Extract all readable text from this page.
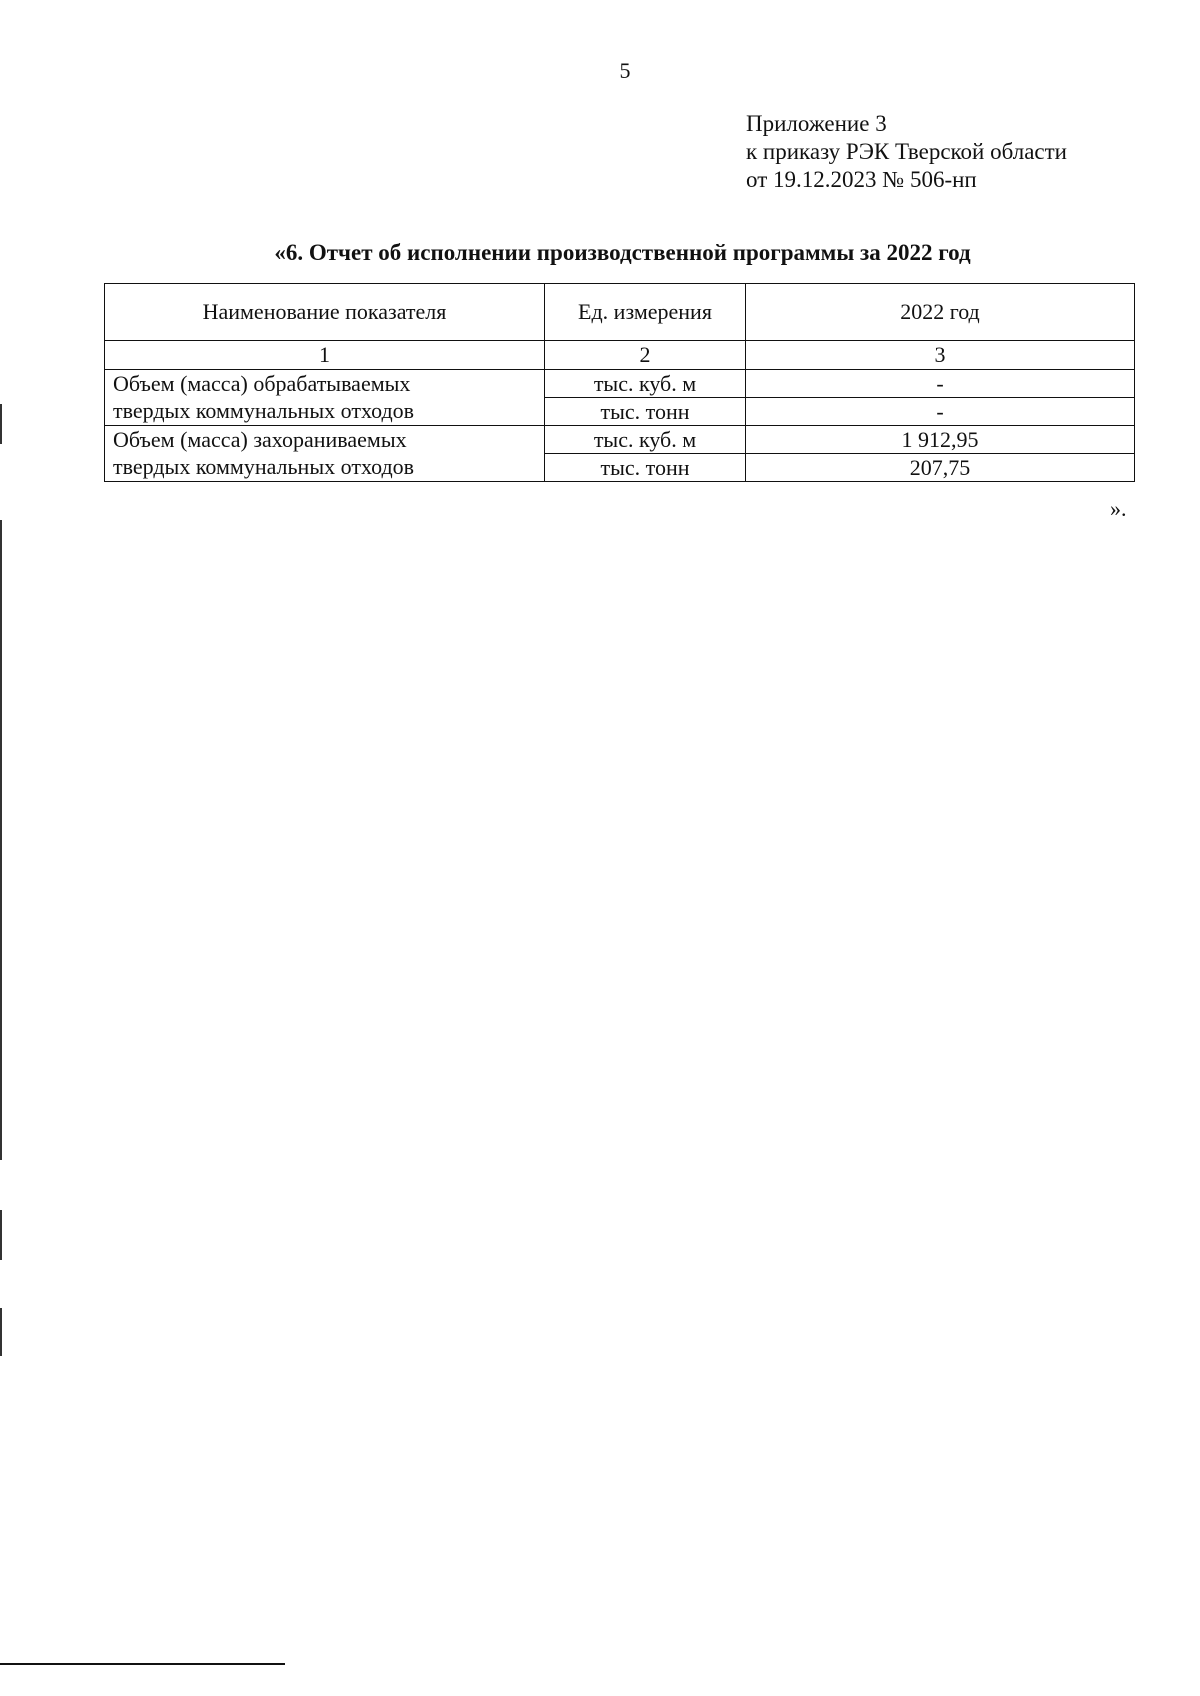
5
Приложение 3
к приказу РЭК Тверской области
от 19.12.2023 № 506-нп
«6. Отчет об исполнении производственной программы за 2022 год
Наименование показателя	Ед. измерения	2022 год
1	2	3
Объем (масса) обрабатываемых	тыс. куб. м	-
твердых коммунальных отходов	тыс. тонн	-
Объем (масса) захораниваемых	тыс. куб. м	1 912,95
твердых коммунальных отходов	тыс. тонн	207,75
».
